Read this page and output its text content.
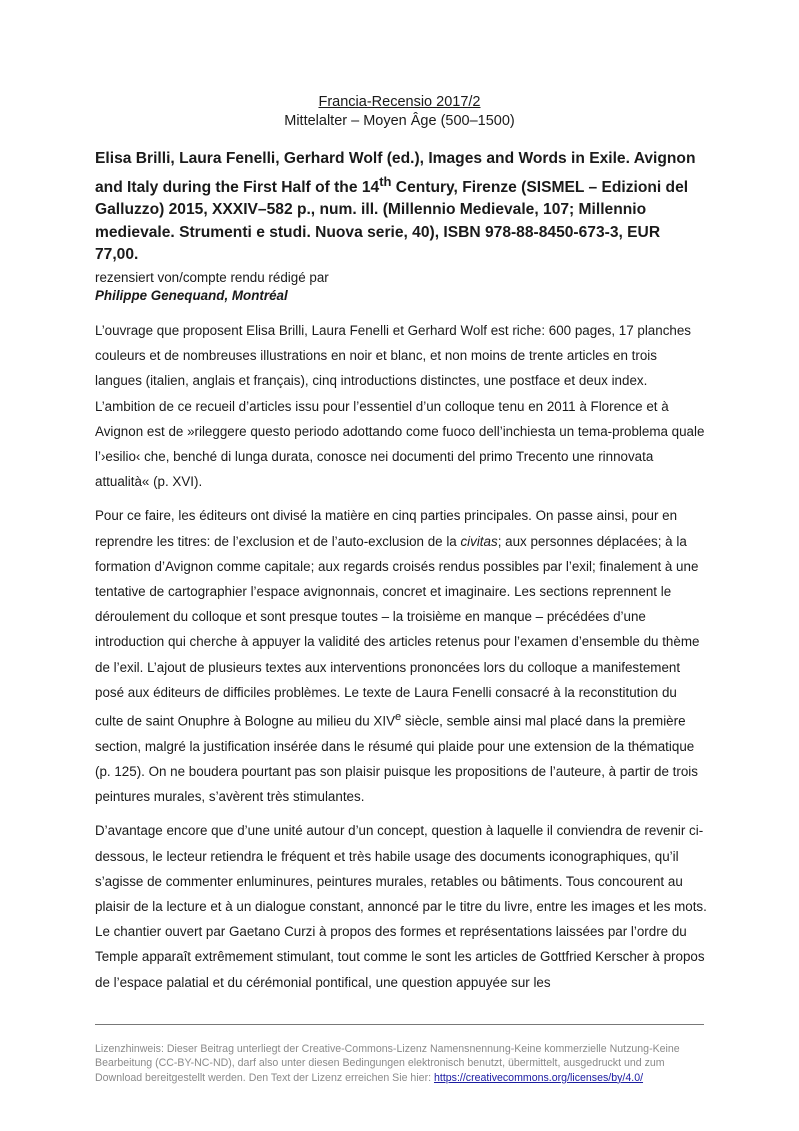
Francia-Recensio 2017/2
Mittelalter – Moyen Âge (500–1500)
Elisa Brilli, Laura Fenelli, Gerhard Wolf (ed.), Images and Words in Exile. Avignon and Italy during the First Half of the 14th Century, Firenze (SISMEL – Edizioni del Galluzzo) 2015, XXXIV–582 p., num. ill. (Millennio Medievale, 107; Millennio medievale. Strumenti e studi. Nuova serie, 40), ISBN 978-88-8450-673-3, EUR 77,00.
rezensiert von/compte rendu rédigé par
Philippe Genequand, Montréal

L’ouvrage que proposent Elisa Brilli, Laura Fenelli et Gerhard Wolf est riche: 600 pages, 17 planches couleurs et de nombreuses illustrations en noir et blanc, et non moins de trente articles en trois langues (italien, anglais et français), cinq introductions distinctes, une postface et deux index. L’ambition de ce recueil d’articles issu pour l’essentiel d’un colloque tenu en 2011 à Florence et à Avignon est de »rileggere questo periodo adottando come fuoco dell’inchiesta un tema-problema quale l’›esilio‹ che, benché di lunga durata, conosce nei documenti del primo Trecento une rinnovata attualità« (p. XVI).

Pour ce faire, les éditeurs ont divisé la matière en cinq parties principales. On passe ainsi, pour en reprendre les titres: de l’exclusion et de l’auto-exclusion de la civitas; aux personnes déplacées; à la formation d’Avignon comme capitale; aux regards croisés rendus possibles par l’exil; finalement à une tentative de cartographier l’espace avignonnais, concret et imaginaire. Les sections reprennent le déroulement du colloque et sont presque toutes – la troisième en manque – précédées d’une introduction qui cherche à appuyer la validité des articles retenus pour l’examen d’ensemble du thème de l’exil. L’ajout de plusieurs textes aux interventions prononcées lors du colloque a manifestement posé aux éditeurs de difficiles problèmes. Le texte de Laura Fenelli consacré à la reconstitution du culte de saint Onuphre à Bologne au milieu du XIVe siècle, semble ainsi mal placé dans la première section, malgré la justification insérée dans le résumé qui plaide pour une extension de la thématique (p. 125). On ne boudera pourtant pas son plaisir puisque les propositions de l’auteure, à partir de trois peintures murales, s’avèrent très stimulantes.

D’avantage encore que d’une unité autour d’un concept, question à laquelle il conviendra de revenir ci-dessous, le lecteur retiendra le fréquent et très habile usage des documents iconographiques, qu’il s’agisse de commenter enluminures, peintures murales, retables ou bâtiments. Tous concourent au plaisir de la lecture et à un dialogue constant, annoncé par le titre du livre, entre les images et les mots. Le chantier ouvert par Gaetano Curzi à propos des formes et représentations laissées par l’ordre du Temple apparaît extrêmement stimulant, tout comme le sont les articles de Gottfried Kerscher à propos de l’espace palatial et du cérémonial pontifical, une question appuyée sur les

Lizenzhinweis: Dieser Beitrag unterliegt der Creative-Commons-Lizenz Namensnennung-Keine kommerzielle Nutzung-Keine Bearbeitung (CC-BY-NC-ND), darf also unter diesen Bedingungen elektronisch benutzt, übermittelt, ausgedruckt und zum Download bereitgestellt werden. Den Text der Lizenz erreichen Sie hier: https://creativecommons.org/licenses/by/4.0/
